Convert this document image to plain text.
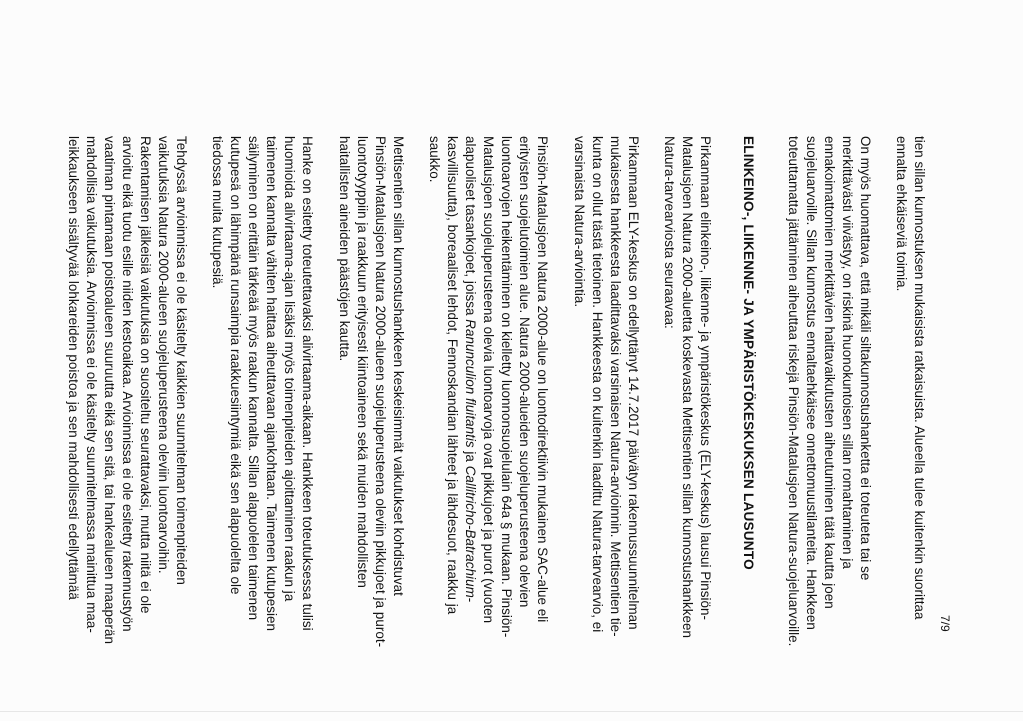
7/9
tien sillan kunnostuksen mukaisista ratkaisuista. Alueella tulee kuitenkin suorittaa
ennalta ehkäiseviä toimia.
On myös huomattava, että mikäli siltakunnostushanketta ei toteuteta tai se
merkittävästi viivästyy, on riskinä huonokuntoisen sillan romahtaminen ja
ennakoimattomien merkittävien haittavaikutusten aiheutuminen tätä kautta joen
suojeluarvoille. Sillan kunnostus ennaltaehkäisee onnettomuustilanteita. Hankkeen
toteuttamatta jättäminen aiheuttaa riskejä Pinsiön-Matalusjoen Natura-suojeluarvoille.
ELINKEINO-, LIIKENNE- JA YMPÄRISTÖKESKUKSEN LAUSUNTO
Pirkanmaan elinkeino-, liikenne- ja ympäristökeskus (ELY-keskus) lausui Pinsiön-
Matalusjoen Natura 2000-aluetta koskevasta Mettisentien sillan kunnostushankkeen
Natura-tarvearviosta seuraavaa:
Pirkanmaan ELY-keskus on edellyttänyt 14.7.2017 päivätyn rakennussuunnitelman
mukaisesta hankkeesta laadittavaksi varsinaisen Natura-arvioinnin. Mettisentien tie-
kunta on ollut tästä tietoinen. Hankkeesta on kuitenkin laadittu Natura-tarvearvio, ei
varsinaista Natura-arviointia.
Pinsiön-Matalusjoen Natura 2000-alue on luontodirektiivin mukainen SAC-alue eli
erityisten suojelutoimien alue. Natura 2000-alueiden suojeluperusteena olevien
luontoarvojen heikentäminen on kielletty luonnonsuojelulain 64a § mukaan. Pinsiön-
Matalusjoen suojeluperusteena olevia luontoarvoja ovat pikkujoet ja purot (vuoten
alapuoliset tasankojoet, joissa Ranunculion fluitantis ja Callitricho-Batrachium-
kasvillisuutta), boreaaliset lehdot, Fennoskandian lähteet ja lähdesuot, raakku ja
saukko.
Mettisentien sillan kunnostushankkeen keskeisimmät vaikutukset kohdistuvat
Pinsiön-Matalusjoen Natura 2000-alueen suojeluperusteena oleviin pikkujoet ja purot-
luontotyyppiin ja raakkuun erityisesti kiintoaineen sekä muiden mahdollisten
haitallisten aineiden päästöjen kautta.
Hanke on esitetty toteutettavaksi alivirtaama-aikaan. Hankkeen toteutuksessa tulisi
huomioida alivirtaama-ajan lisäksi myös toimenpiteiden ajoittaminen raakun ja
taimenen kannalta vähiten haittaa aiheuttavaan ajankohtaan. Taimenen kutupesien
säilyminen on erittäin tärkeää myös raakun kannalta. Sillan alapuolelen taimenen
kutupesä on lähimpänä runsaimpia raakkuesiintymiä eikä sen alapuolelta ole
tiedossa muita kutupesiä.
Tehdyssä arvioinnissa ei ole käsitelty kaikkien suunnitelman toimenpiteiden
vaikutuksia Natura 2000-alueen suojeluperusteena oleviin luontoarvoihin.
Rakentamisen jälkeisiä vaikutuksia on suositeltu seurattavaksi, mutta niitä ei ole
arvioitu eikä tuotu esille niiden kestoaikaa. Arvioinnissa ei ole esitetty rakennustyön
vaatiman pintamaan poistoalueen suuruutta eikä sen sitä, tai hankealueen maaperän
mahdollisia vaikutuksia. Arvioinnissa ei ole käsitelty suunnitelmassa mainittua maa-
leikkaukseen sisältyvää lohkareiden poistoa ja sen mahdollisesti edellyttämää
